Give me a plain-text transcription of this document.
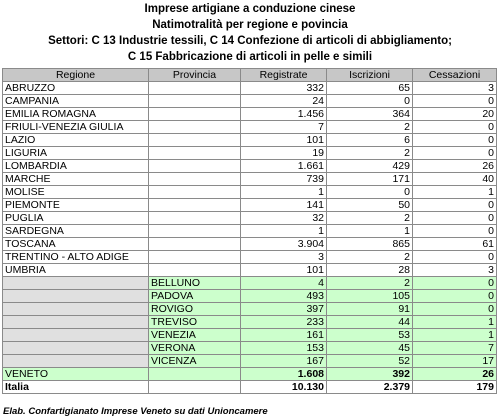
Imprese artigiane a conduzione cinese
Natimotralità per regione e povincia
Settori: C 13 Industrie tessili, C 14 Confezione di articoli di abbigliamento;
C 15 Fabbricazione di articoli in pelle e simili
Regione	Provincia	Registrate	Iscrizioni	Cessazioni
ABRUZZO		332	65	3
CAMPANIA		24	0	0
EMILIA ROMAGNA		1.456	364	20
FRIULI-VENEZIA GIULIA		7	2	0
LAZIO		101	6	0
LIGURIA		19	2	0
LOMBARDIA		1.661	429	26
MARCHE		739	171	40
MOLISE		1	0	1
PIEMONTE		141	50	0
PUGLIA		32	2	0
SARDEGNA		1	1	0
TOSCANA		3.904	865	61
TRENTINO - ALTO ADIGE		3	2	0
UMBRIA		101	28	3
	BELLUNO	4	2	0
	PADOVA	493	105	0
	ROVIGO	397	91	0
	TREVISO	233	44	1
	VENEZIA	161	53	1
	VERONA	153	45	7
	VICENZA	167	52	17
VENETO		1.608	392	26
Italia		10.130	2.379	179
Elab. Confartigianato Imprese Veneto su dati Unioncamere
